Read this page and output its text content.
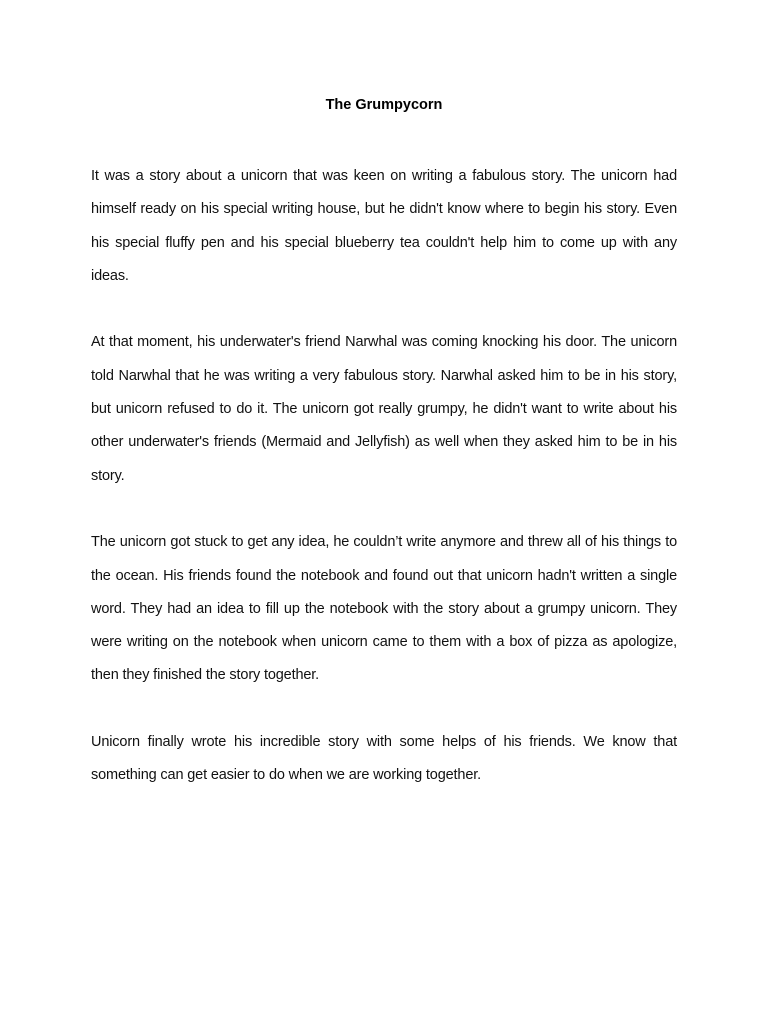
The Grumpycorn

It was a story about a unicorn that was keen on writing a fabulous story. The unicorn had himself ready on his special writing house, but he didn't know where to begin his story. Even his special fluffy pen and his special blueberry tea couldn't help him to come up with any ideas.

At that moment, his underwater's friend Narwhal was coming knocking his door. The unicorn told Narwhal that he was writing a very fabulous story. Narwhal asked him to be in his story, but unicorn refused to do it. The unicorn got really grumpy, he didn't want to write about his other underwater's friends (Mermaid and Jellyfish) as well when they asked him to be in his story.

The unicorn got stuck to get any idea, he couldn’t write anymore and threw all of his things to the ocean. His friends found the notebook and found out that unicorn hadn't written a single word. They had an idea to fill up the notebook with the story about a grumpy unicorn. They were writing on the notebook when unicorn came to them with a box of pizza as apologize, then they finished the story together.

Unicorn finally wrote his incredible story with some helps of his friends. We know that something can get easier to do when we are working together.
